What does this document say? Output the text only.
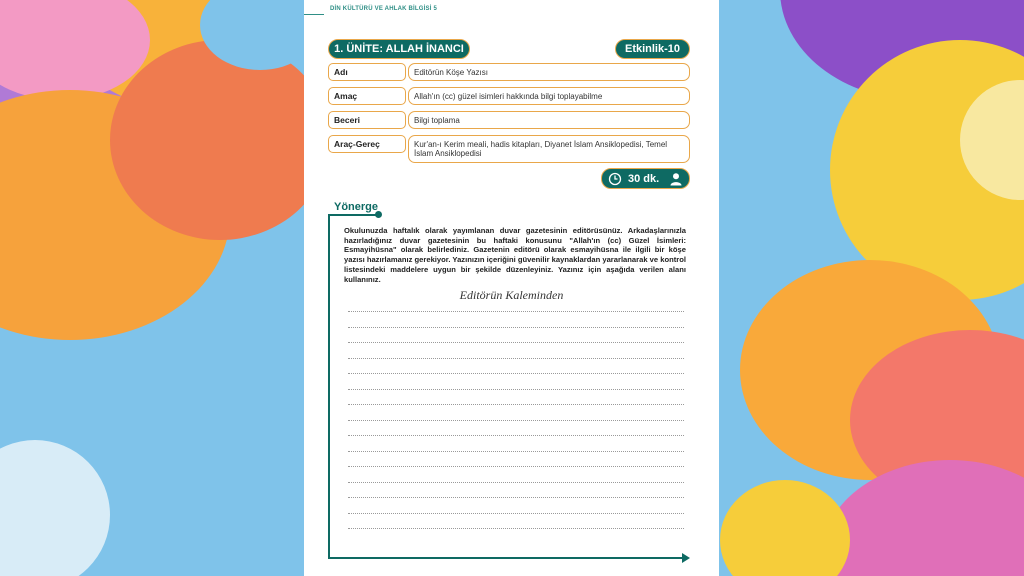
DİN KÜLTÜRÜ VE AHLAK BİLGİSİ 5
1. ÜNİTE: ALLAH İNANCI	Etkinlik-10
Adı	Editörün Köşe Yazısı
Amaç	Allah'ın (cc) güzel isimleri hakkında bilgi toplayabilme
Beceri	Bilgi toplama
Araç-Gereç	Kur'an-ı Kerim meali, hadis kitapları, Diyanet İslam Ansiklopedisi, Temel İslam Ansiklopedisi
30 dk.
Yönerge
Okulunuzda haftalık olarak yayımlanan duvar gazetesinin editörüsünüz. Arkadaşlarınızla hazırladığınız duvar gazetesinin bu haftaki konusunu "Allah'ın (cc) Güzel İsimleri: Esmayihüsna" olarak belirlediniz. Gazetenin editörü olarak esmayihüsna ile ilgili bir köşe yazısı hazırlamanız gerekiyor. Yazınızın içeriğini güvenilir kaynaklardan yararlanarak ve kontrol listesindeki maddelere uygun bir şekilde düzenleyiniz. Yazınız için aşağıda verilen alanı kullanınız.
Editörün Kaleminden
